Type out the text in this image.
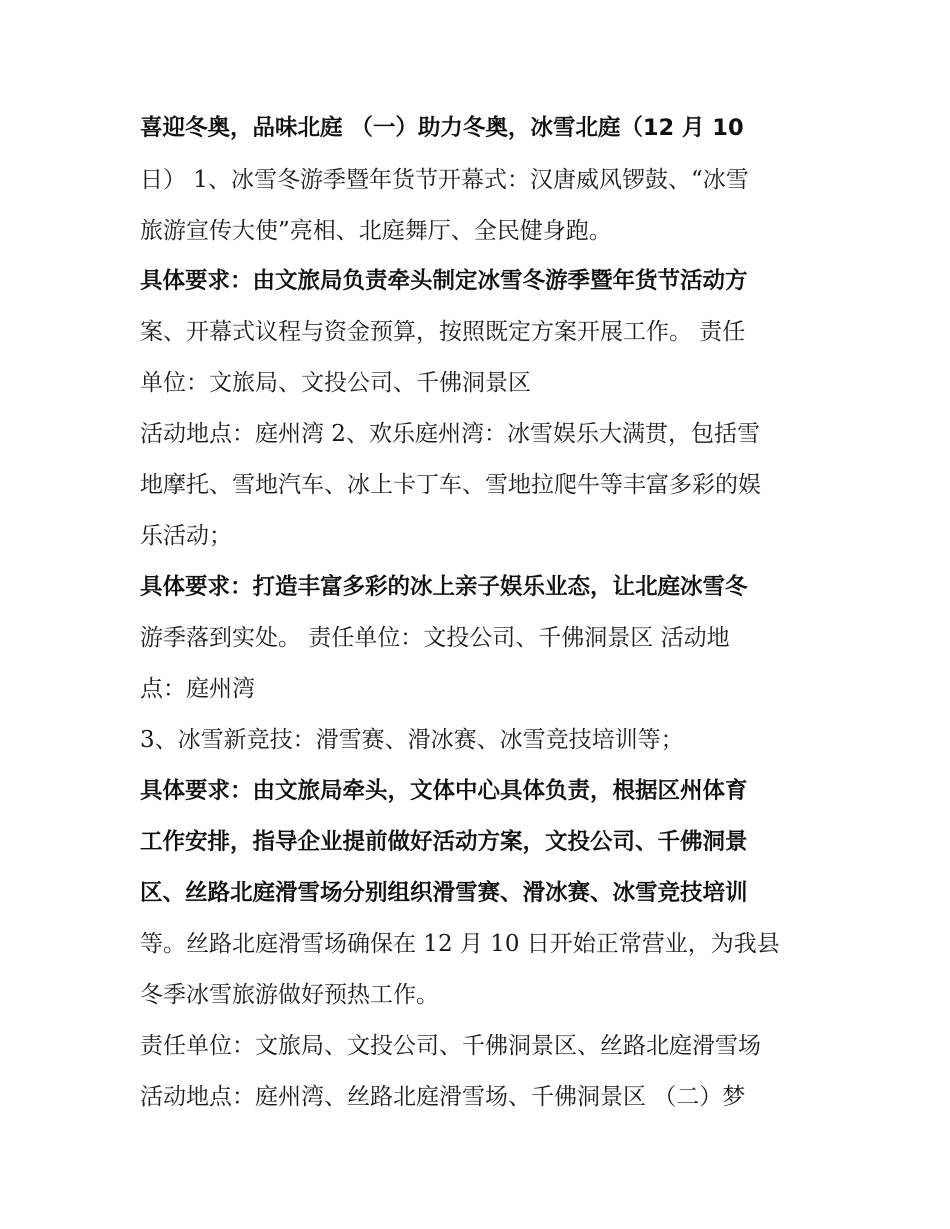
喜迎冬奥，品味北庭 （一）助力冬奥，冰雪北庭（12 月 10
日） 1、冰雪冬游季暨年货节开幕式：汉唐威风锣鼓、“冰雪
旅游宣传大使”亮相、北庭舞厅、全民健身跑。
具体要求：由文旅局负责牵头制定冰雪冬游季暨年货节活动方
案、开幕式议程与资金预算，按照既定方案开展工作。 责任
单位：文旅局、文投公司、千佛洞景区
活动地点：庭州湾 2、欢乐庭州湾：冰雪娱乐大满贯，包括雪
地摩托、雪地汽车、冰上卡丁车、雪地拉爬牛等丰富多彩的娱
乐活动；
具体要求：打造丰富多彩的冰上亲子娱乐业态，让北庭冰雪冬
游季落到实处。 责任单位：文投公司、千佛洞景区 活动地
点：庭州湾
3、冰雪新竞技：滑雪赛、滑冰赛、冰雪竞技培训等；
具体要求：由文旅局牵头，文体中心具体负责，根据区州体育
工作安排，指导企业提前做好活动方案，文投公司、千佛洞景
区、丝路北庭滑雪场分别组织滑雪赛、滑冰赛、冰雪竞技培训
等。丝路北庭滑雪场确保在 12 月 10 日开始正常营业，为我县
冬季冰雪旅游做好预热工作。
责任单位：文旅局、文投公司、千佛洞景区、丝路北庭滑雪场
活动地点：庭州湾、丝路北庭滑雪场、千佛洞景区 （二）梦
